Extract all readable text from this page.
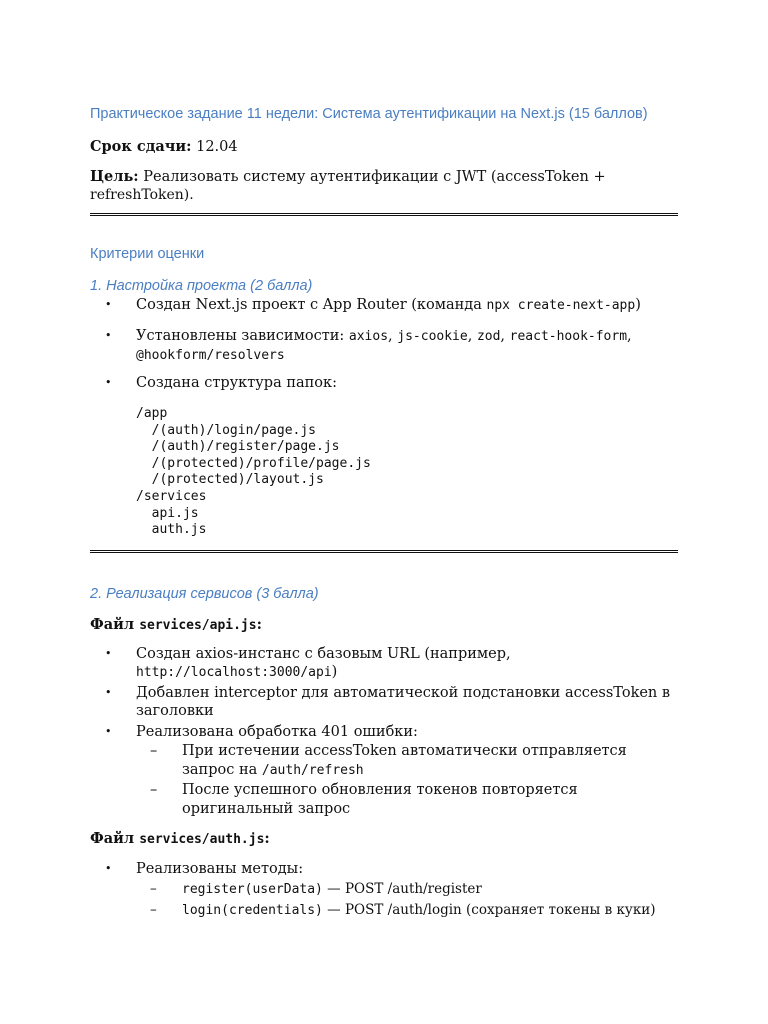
Практическое задание 11 недели: Система аутентификации на Next.js (15 баллов)

Срок сдачи: 12.04

Цель: Реализовать систему аутентификации с JWT (accessToken +

refreshToken).

Критерии оценки

1. Настройка проекта (2 балла)

• Создан Next.js проект с App Router (команда npx create-next-app)
• Установлены зависимости: axios, js-cookie, zod, react-hook-form,
@hookform/resolvers
• Создана структура папок:
/app
/(auth)/login/page.js
/(auth)/register/page.js
/(protected)/profile/page.js
/(protected)/layout.js
/services
api.js
auth.js

2. Реализация сервисов (3 балла)

Файл services/api.js:

• Создан axios-инстанс с базовым URL (например,
http://localhost:3000/api)
• Добавлен interceptor для автоматической подстановки accessToken в
заголовки
• Реализована обработка 401 ошибки:
– При истечении accessToken автоматически отправляется
запрос на /auth/refresh
– После успешного обновления токенов повторяется
оригинальный запрос

Файл services/auth.js:

• Реализованы методы:
– register(userData) — POST /auth/register
– login(credentials) — POST /auth/login (сохраняет токены в куки)
